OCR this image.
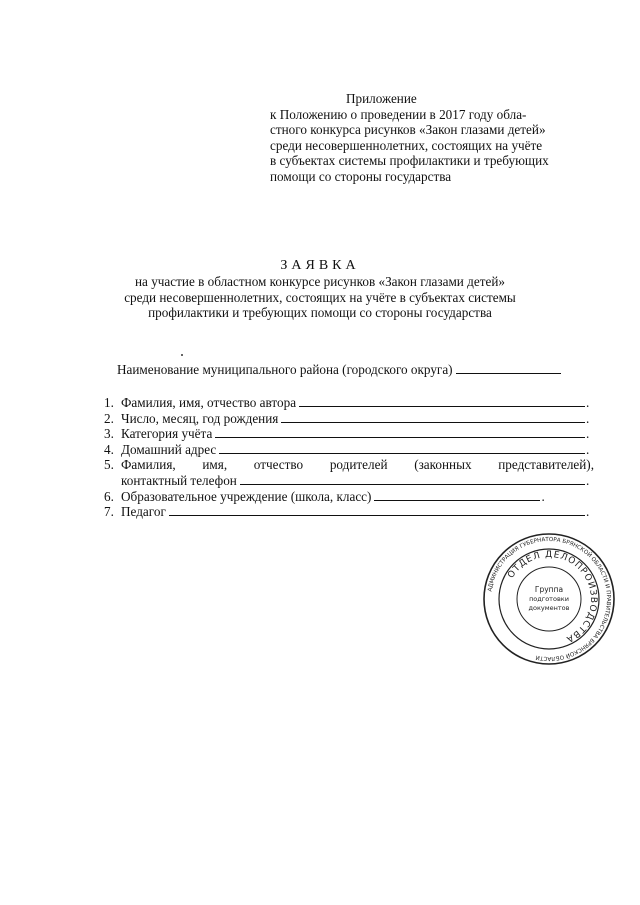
Приложение
к Положению о проведении в 2017 году обла-
стного конкурса рисунков «Закон глазами детей»
среди несовершеннолетних, состоящих на учёте
в субъектах системы профилактики и требующих
помощи со стороны государства
ЗАЯВКА
на участие в областном конкурсе рисунков «Закон глазами детей»
среди несовершеннолетних, состоящих на учёте в субъектах системы
профилактики и требующих помощи со стороны государства
Наименование муниципального района (городского округа)
1. Фамилия, имя, отчество автора	.
2. Число, месяц, год рождения	.
3. Категория учёта	.
4. Домашний адрес	.
5. Фамилия, имя, отчество родителей (законных представителей),
контактный телефон	.
6. Образовательное учреждение (школа, класс)	.
7. Педагог	.
АДМИНИСТРАЦИЯ ГУБЕРНАТОРА БРЯНСКОЙ ОБЛАСТИ И ПРАВИТЕЛЬСТВА БРЯНСКОЙ ОБЛАСТИ
ОТДЕЛ ДЕЛОПРОИЗВОДСТВА
Группа
подготовки
документов
